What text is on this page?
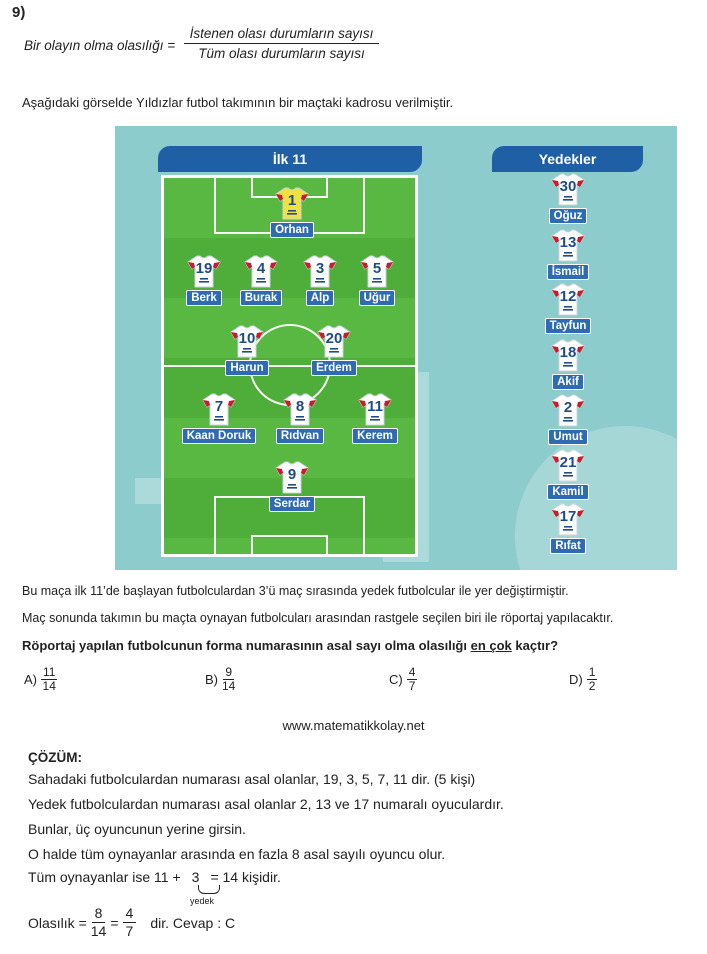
9)
Bir olayın olma olasılığı =
İstenen olası durumların sayısı
Tüm olası durumların sayısı
Aşağıdaki görselde Yıldızlar futbol takımının bir maçtaki kadrosu verilmiştir.
İlk 11	Yedekler
1
Orhan
19
Berk
4
Burak
3
Alp
5
Uğur
10
Harun
20
Erdem
7
Kaan Doruk
8
Rıdvan
11
Kerem
9
Serdar
30
Oğuz
13
İsmail
12
Tayfun
18
Akif
2
Umut
21
Kamil
17
Rıfat
Bu maça ilk 11’de başlayan futbolculardan 3’ü maç sırasında yedek futbolcular ile yer değiştirmiştir.
Maç sonunda takımın bu maçta oynayan futbolcuları arasından rastgele seçilen biri ile röportaj yapılacaktır.
Röportaj yapılan futbolcunun forma numarasının asal sayı olma olasılığı en çok kaçtır?
$A) \frac{11}{14}$	$B) \frac{9}{14}$	$C) \frac{4}{7}$	$D) \frac{1}{2}$
www.matematikkolay.net
ÇÖZÜM:
Sahadaki futbolculardan numarası asal olanlar, 19, 3, 5, 7, 11 dir. (5 kişi)
Yedek futbolculardan numarası asal olanlar 2, 13 ve 17 numaralı oyuculardır.
Bunlar, üç oyuncunun yerine girsin.
O halde tüm oynayanlar arasında en fazla 8 asal sayılı oyuncu olur.
Tüm oynayanlar ise 11 + 3 = 14 kişidir.
yedek
Olasılık = $\frac{8}{14} = \frac{4}{7}$ dir. Cevap : C
